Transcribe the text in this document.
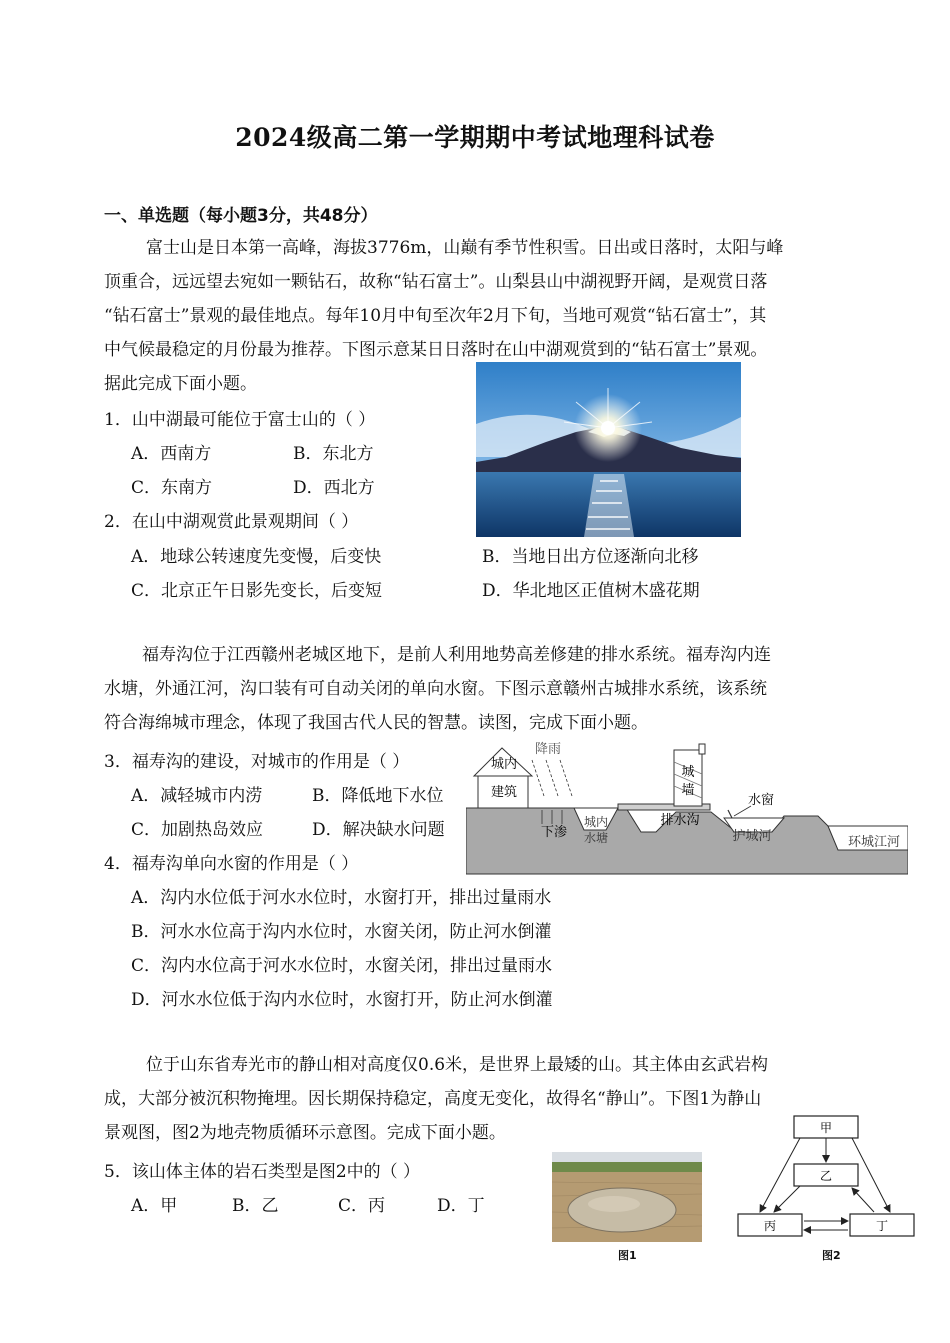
2024级高二第一学期期中考试地理科试卷
一、单选题（每小题3分，共48分）
富士山是日本第一高峰，海拔3776m，山巅有季节性积雪。日出或日落时，太阳与峰
顶重合，远远望去宛如一颗钻石，故称“钻石富士”。山梨县山中湖视野开阔，是观赏日落
“钻石富士”景观的最佳地点。每年10月中旬至次年2月下旬，当地可观赏“钻石富士”，其
中气候最稳定的月份最为推荐。下图示意某日日落时在山中湖观赏到的“钻石富士”景观。
据此完成下面小题。
1．山中湖最可能位于富士山的（ ）
A．西南方	B．东北方
C．东南方	D．西北方
2．在山中湖观赏此景观期间（ ）
A．地球公转速度先变慢，后变快	B．当地日出方位逐渐向北移
C．北京正午日影先变长，后变短	D．华北地区正值树木盛花期
福寿沟位于江西赣州老城区地下，是前人利用地势高差修建的排水系统。福寿沟内连
水塘，外通江河，沟口装有可自动关闭的单向水窗。下图示意赣州古城排水系统，该系统
符合海绵城市理念，体现了我国古代人民的智慧。读图，完成下面小题。
3．福寿沟的建设，对城市的作用是（ ）
A．减轻城市内涝	B．降低地下水位
C．加剧热岛效应	D．解决缺水问题
城内
建筑
降雨
下渗
城内
水塘
城
墙
排水沟
水窗
护城河	环城江河
4．福寿沟单向水窗的作用是（ ）
A．沟内水位低于河水水位时，水窗打开，排出过量雨水
B．河水水位高于沟内水位时，水窗关闭，防止河水倒灌
C．沟内水位高于河水水位时，水窗关闭，排出过量雨水
D．河水水位低于沟内水位时，水窗打开，防止河水倒灌
位于山东省寿光市的静山相对高度仅0.6米，是世界上最矮的山。其主体由玄武岩构
成，大部分被沉积物掩埋。因长期保持稳定，高度无变化，故得名“静山”。下图1为静山
景观图，图2为地壳物质循环示意图。完成下面小题。
5．该山体主体的岩石类型是图2中的（ ）
A．甲	B．乙	C．丙	D．丁
图1
甲
乙
丙	丁
图2
